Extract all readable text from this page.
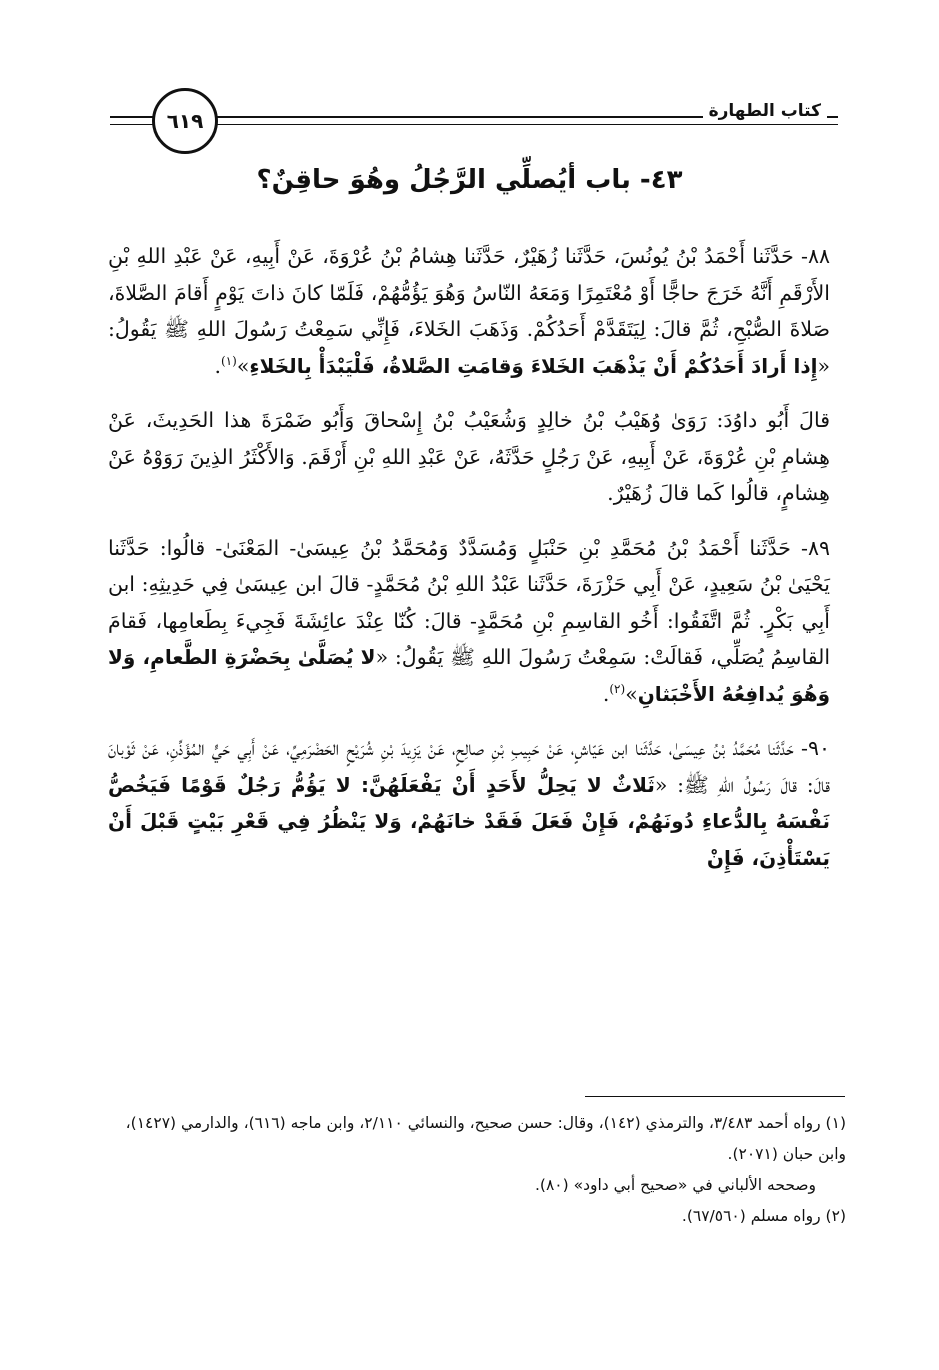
كتاب الطهارة
٦١٩
٤٣- باب أيُصلِّي الرَّجُلُ وهُوَ حاقِنٌ؟

٨٨- حَدَّثَنا أَحْمَدُ بْنُ يُونُسَ، حَدَّثَنا زُهَيْرٌ، حَدَّثَنا هِشامُ بْنُ عُرْوَةَ، عَنْ أَبِيهِ، عَنْ عَبْدِ اللهِ بْنِ الأَرْقَمِ أَنَّهُ خَرَجَ حاجًّا أَوْ مُعْتَمِرًا وَمَعَهُ النّاسُ وَهُوَ يَؤُمُّهُمْ، فَلَمّا كانَ ذاتَ يَوْمٍ أَقامَ الصَّلاةَ، صَلاةَ الصُّبْحِ، ثُمَّ قالَ: لِيَتَقَدَّمْ أَحَدُكُمْ. وَذَهَبَ الخَلاءَ، فَإِنِّي سَمِعْتُ رَسُولَ اللهِ ﷺ يَقُولُ: «إِذا أَرادَ أَحَدُكُمْ أَنْ يَذْهَبَ الخَلاءَ وَقامَتِ الصَّلاةُ، فَلْيَبْدَأْ بِالخَلاءِ»$^{(١)}$.

قالَ أَبُو داوُدَ: رَوَىٰ وُهَيْبُ بْنُ خالِدٍ وَشُعَيْبُ بْنُ إِسْحاقَ وَأَبُو ضَمْرَةَ هذا الحَدِيثَ، عَنْ هِشامِ بْنِ عُرْوَةَ، عَنْ أَبِيهِ، عَنْ رَجُلٍ حَدَّثَهُ، عَنْ عَبْدِ اللهِ بْنِ أَرْقَمَ. وَالأَكْثَرُ الذِينَ رَوَوْهُ عَنْ هِشامٍ، قالُوا كَما قالَ زُهَيْرٌ.

٨٩- حَدَّثَنا أَحْمَدُ بْنُ مُحَمَّدِ بْنِ حَنْبَلٍ وَمُسَدَّدٌ وَمُحَمَّدُ بْنُ عِيسَىٰ- المَعْنَىٰ- قالُوا: حَدَّثَنا يَحْيَىٰ بْنُ سَعِيدٍ، عَنْ أَبِي حَزْرَةَ، حَدَّثَنا عَبْدُ اللهِ بْنُ مُحَمَّدٍ- قالَ ابن عِيسَىٰ فِي حَدِيثِهِ: ابن أَبِي بَكْرٍ. ثُمَّ اتَّفَقُوا: أَخُو القاسِمِ بْنِ مُحَمَّدٍ- قالَ: كُنّا عِنْدَ عائِشَةَ فَجِيءَ بِطَعامِها، فَقامَ القاسِمُ يُصَلِّي، فَقالَتْ: سَمِعْتُ رَسُولَ اللهِ ﷺ يَقُولُ: «لا يُصَلَّىٰ بِحَضْرَةِ الطَّعامِ، وَلا وَهُوَ يُدافِعُهُ الأَخْبَثانِ»$^{(٢)}$.

٩٠- حَدَّثَنا مُحَمَّدُ بْنُ عِيسَىٰ، حَدَّثَنا ابن عَيّاشٍ، عَنْ حَبِيبِ بْنِ صالِحٍ، عَنْ يَزِيدَ بْنِ شُرَيْحٍ الحَضْرَمِيِّ، عَنْ أَبِي حَيٍّ المُؤَذِّنِ، عَنْ ثَوْبانَ قالَ: قالَ رَسُولُ اللهِ ﷺ: «ثَلاثٌ لا يَحِلُّ لأَحَدٍ أَنْ يَفْعَلَهُنَّ: لا يَؤُمُّ رَجُلٌ قَوْمًا فَيَخُصُّ نَفْسَهُ بِالدُّعاءِ دُونَهُمْ، فَإِنْ فَعَلَ فَقَدْ خانَهُمْ، وَلا يَنْظُرُ فِي قَعْرِ بَيْتٍ قَبْلَ أَنْ يَسْتَأْذِنَ، فَإِنْ

(١) رواه أحمد ٣/٤٨٣، والترمذي (١٤٢)، وقال: حسن صحيح، والنسائي ٢/١١٠، وابن ماجه (٦١٦)، والدارمي (١٤٢٧)، وابن حبان (٢٠٧١).

وصححه الألباني في «صحيح أبي داود» (٨٠).

(٢) رواه مسلم (٦٧/٥٦٠).
